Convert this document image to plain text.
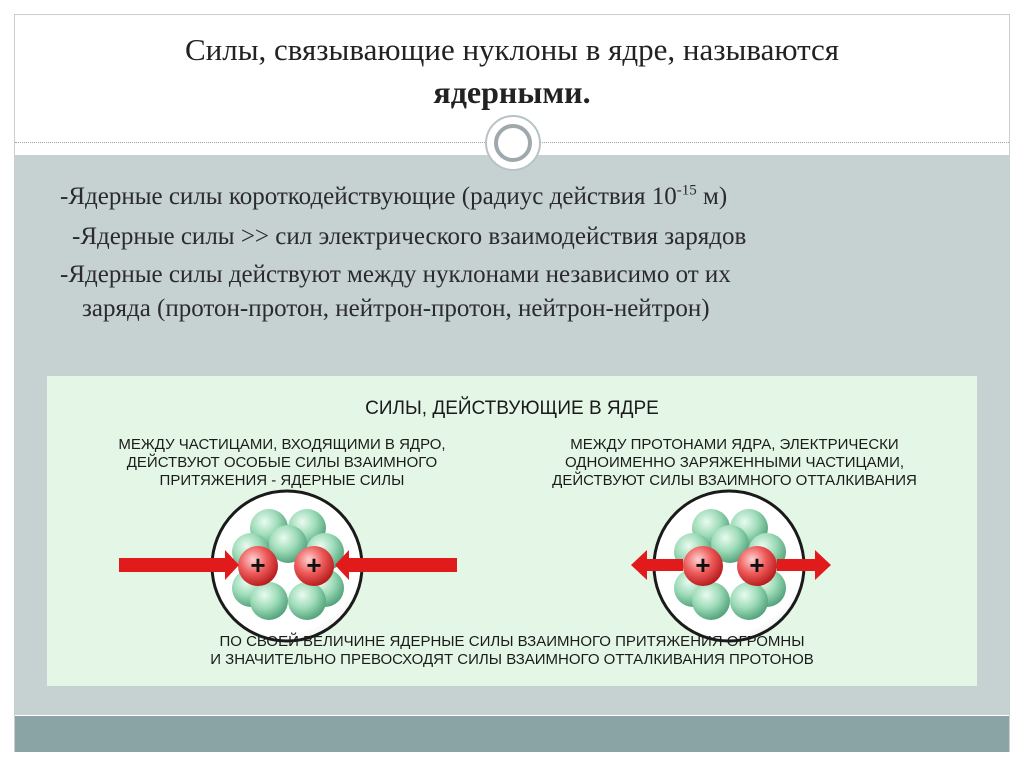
Силы, связывающие нуклоны в ядре, называются
ядерными.
-Ядерные силы короткодействующие (радиус действия $10^{-15}$ м)
-Ядерные силы >> сил электрического взаимодействия зарядов
-Ядерные силы действуют между нуклонами независимо от их
заряда (протон-протон, нейтрон-протон, нейтрон-нейтрон)
СИЛЫ, ДЕЙСТВУЮЩИЕ В ЯДРЕ
МЕЖДУ ЧАСТИЦАМИ, ВХОДЯЩИМИ В ЯДРО,
ДЕЙСТВУЮТ ОСОБЫЕ СИЛЫ ВЗАИМНОГО
ПРИТЯЖЕНИЯ - ЯДЕРНЫЕ СИЛЫ
МЕЖДУ ПРОТОНАМИ ЯДРА, ЭЛЕКТРИЧЕСКИ
ОДНОИМЕННО ЗАРЯЖЕННЫМИ ЧАСТИЦАМИ,
ДЕЙСТВУЮТ СИЛЫ ВЗАИМНОГО ОТТАЛКИВАНИЯ
+ +	+ +
ПО СВОЕЙ ВЕЛИЧИНЕ ЯДЕРНЫЕ СИЛЫ ВЗАИМНОГО ПРИТЯЖЕНИЯ ОГРОМНЫ
И ЗНАЧИТЕЛЬНО ПРЕВОСХОДЯТ СИЛЫ ВЗАИМНОГО ОТТАЛКИВАНИЯ ПРОТОНОВ
